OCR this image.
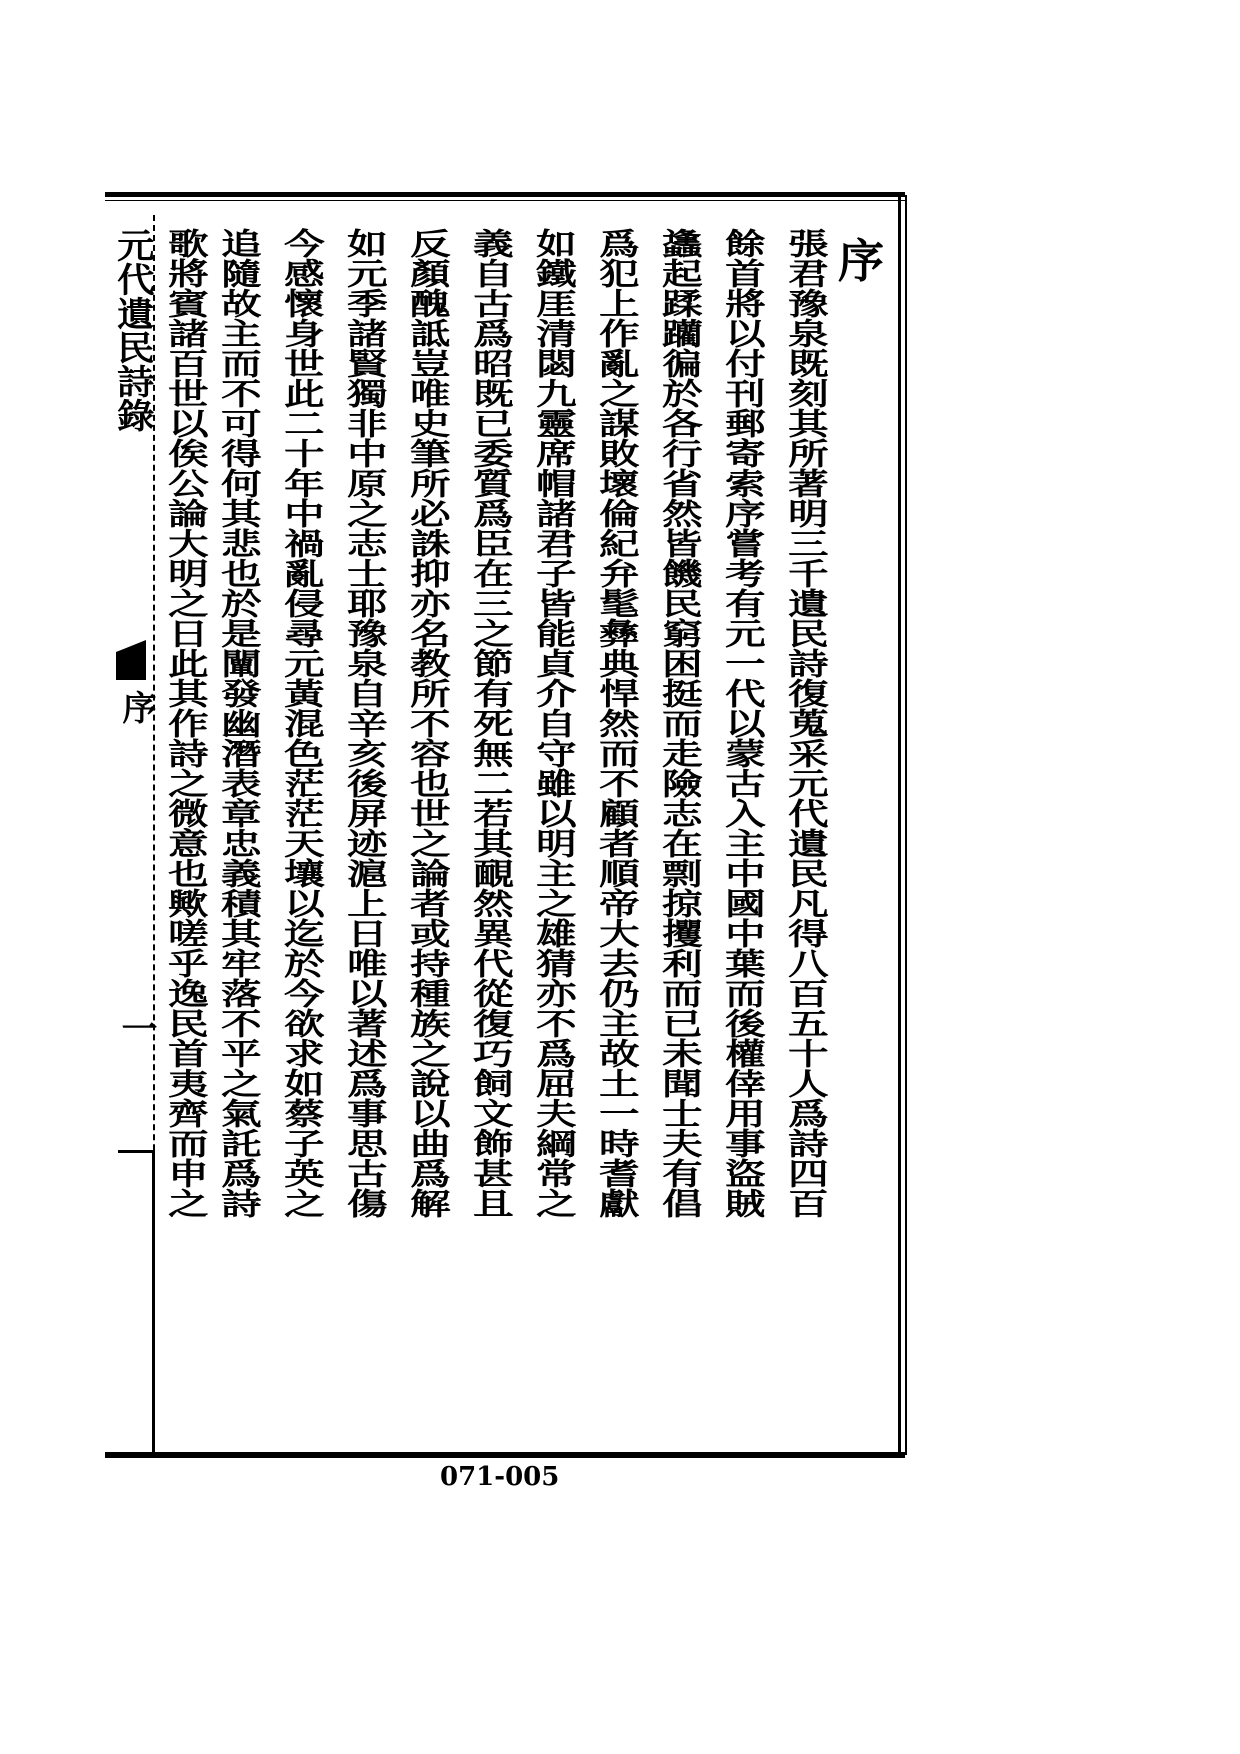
序
張君豫泉既刻其所著明三千遺民詩復蒐采元代遺民凡得八百五十人爲詩四百
餘首將以付刊郵寄索序嘗考有元一代以蒙古入主中國中葉而後權倖用事盜賊
蠭起蹂躪徧於各行省然皆饑民窮困挺而走險志在剽掠攫利而已未聞士夫有倡
爲犯上作亂之謀敗壞倫紀弁髦彝典悍然而不顧者順帝大去仍主故土一時耆獻
如鐵厓清閟九靈席帽諸君子皆能貞介自守雖以明主之雄猜亦不爲屈夫綱常之
義自古爲昭既已委質爲臣在三之節有死無二若其靦然異代從復巧飼文飾甚且
反顏醜詆豈唯史筆所必誅抑亦名教所不容也世之論者或持種族之說以曲爲解
如元季諸賢獨非中原之志士耶豫泉自辛亥後屏迹滬上日唯以著述爲事思古傷
今感懷身世此二十年中禍亂侵尋元黃混色茫茫天壤以迄於今欲求如蔡子英之
追隨故主而不可得何其悲也於是闡發幽潛表章忠義積其牢落不平之氣託爲詩
歌將賓諸百世以俟公論大明之日此其作詩之微意也歟嗟乎逸民首夷齊而申之
元代遺民詩錄
序
一
071-005
